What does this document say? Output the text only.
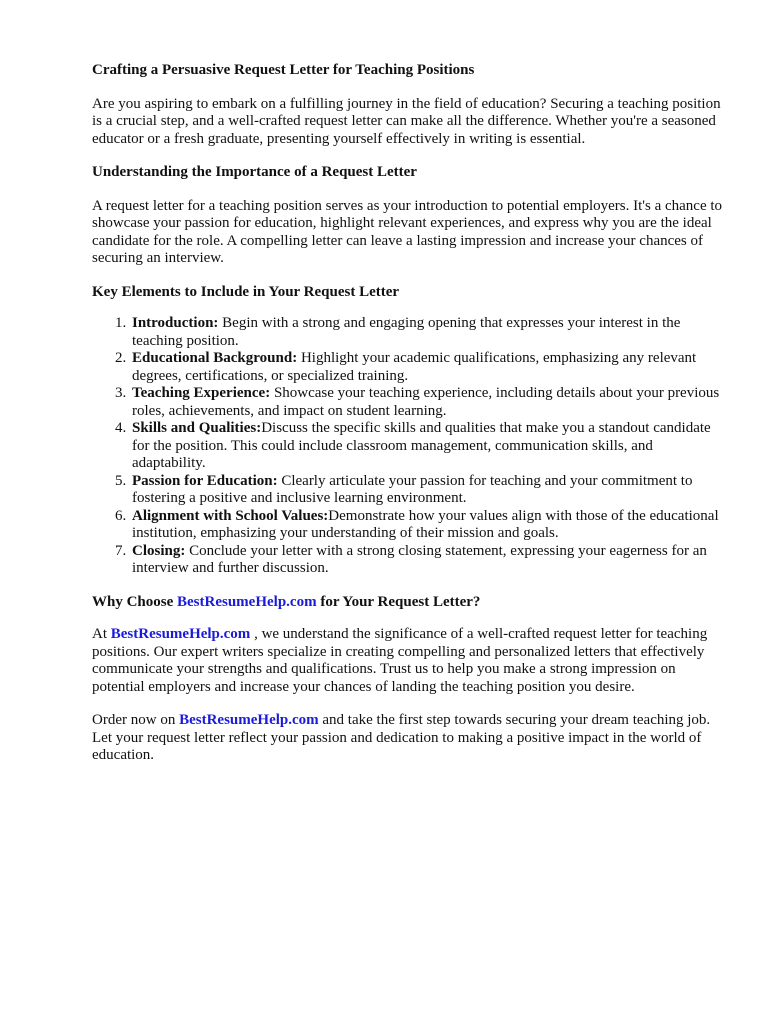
Crafting a Persuasive Request Letter for Teaching Positions

Are you aspiring to embark on a fulfilling journey in the field of education? Securing a teaching position is a crucial step, and a well-crafted request letter can make all the difference. Whether you're a seasoned educator or a fresh graduate, presenting yourself effectively in writing is essential.

Understanding the Importance of a Request Letter

A request letter for a teaching position serves as your introduction to potential employers. It's a chance to showcase your passion for education, highlight relevant experiences, and express why you are the ideal candidate for the role. A compelling letter can leave a lasting impression and increase your chances of securing an interview.

Key Elements to Include in Your Request Letter
1. Introduction: Begin with a strong and engaging opening that expresses your interest in the teaching position.
2. Educational Background: Highlight your academic qualifications, emphasizing any relevant degrees, certifications, or specialized training.
3. Teaching Experience: Showcase your teaching experience, including details about your previous roles, achievements, and impact on student learning.
4. Skills and Qualities:Discuss the specific skills and qualities that make you a standout candidate for the position. This could include classroom management, communication skills, and adaptability.
5. Passion for Education: Clearly articulate your passion for teaching and your commitment to fostering a positive and inclusive learning environment.
6. Alignment with School Values:Demonstrate how your values align with those of the educational institution, emphasizing your understanding of their mission and goals.
7. Closing: Conclude your letter with a strong closing statement, expressing your eagerness for an interview and further discussion.
Why Choose BestResumeHelp.com for Your Request Letter?

At BestResumeHelp.com , we understand the significance of a well-crafted request letter for teaching positions. Our expert writers specialize in creating compelling and personalized letters that effectively communicate your strengths and qualifications. Trust us to help you make a strong impression on potential employers and increase your chances of landing the teaching position you desire.

Order now on BestResumeHelp.com and take the first step towards securing your dream teaching job. Let your request letter reflect your passion and dedication to making a positive impact in the world of education.
